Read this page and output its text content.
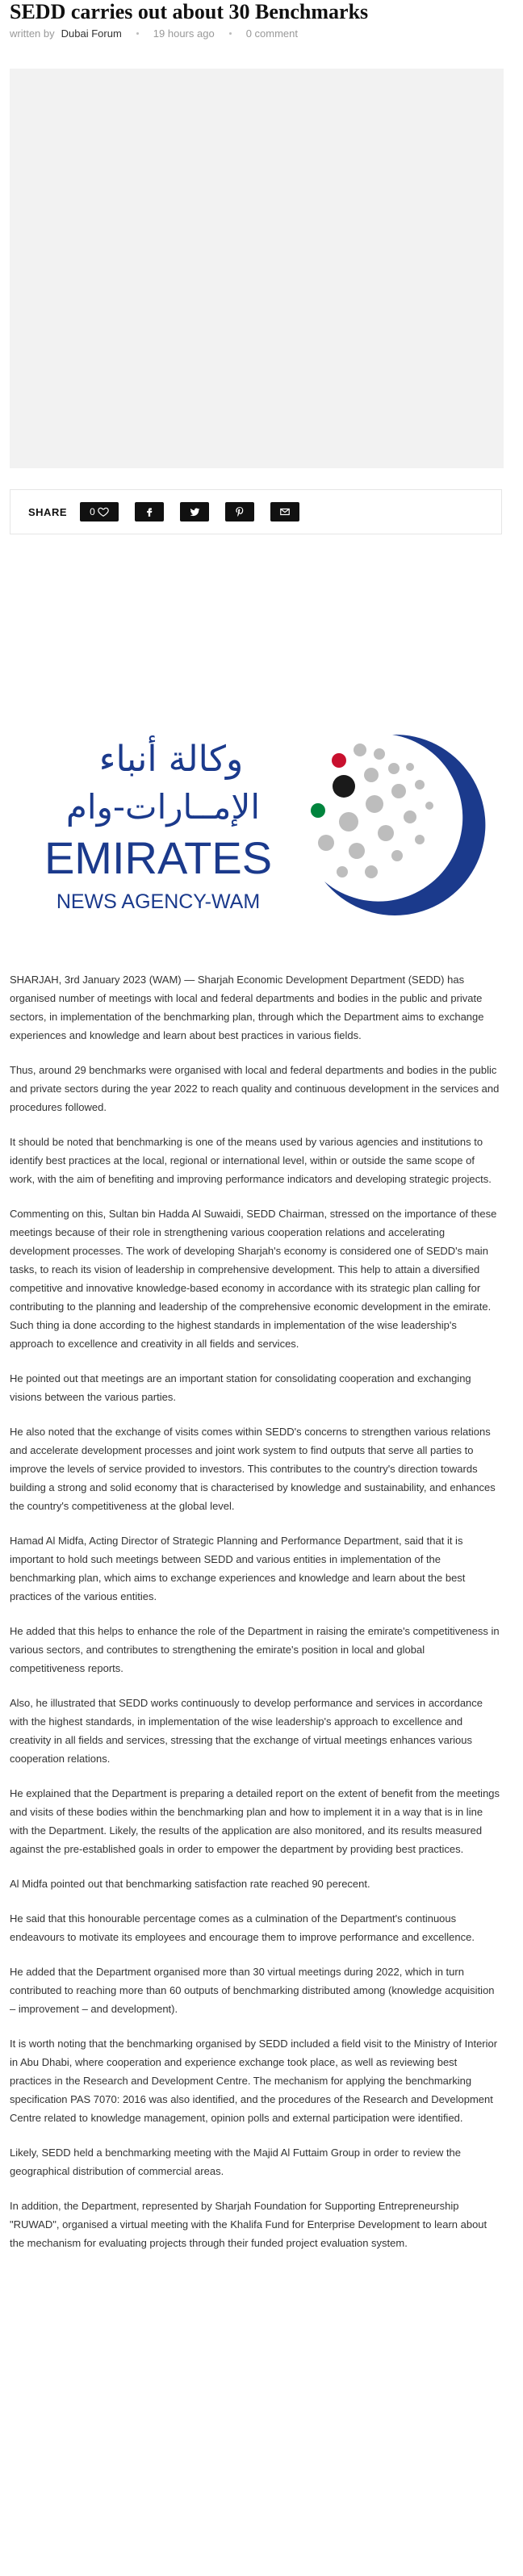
SEDD carries out about 30 Benchmarks
written by Dubai Forum	19 hours ago	0 comment
SHARE 0
وكالة أنباء
الإمــارات-وام
EMIRATES
NEWS AGENCY-WAM

SHARJAH, 3rd January 2023 (WAM) — Sharjah Economic Development Department (SEDD) has organised number of meetings with local and federal departments and bodies in the public and private sectors, in implementation of the benchmarking plan, through which the Department aims to exchange experiences and knowledge and learn about best practices in various fields.

Thus, around 29 benchmarks were organised with local and federal departments and bodies in the public and private sectors during the year 2022 to reach quality and continuous development in the services and procedures followed.

It should be noted that benchmarking is one of the means used by various agencies and institutions to identify best practices at the local, regional or international level, within or outside the same scope of work, with the aim of benefiting and improving performance indicators and developing strategic projects.

Commenting on this, Sultan bin Hadda Al Suwaidi, SEDD Chairman, stressed on the importance of these meetings because of their role in strengthening various cooperation relations and accelerating development processes. The work of developing Sharjah's economy is considered one of SEDD's main tasks, to reach its vision of leadership in comprehensive development. This help to attain a diversified competitive and innovative knowledge-based economy in accordance with its strategic plan calling for contributing to the planning and leadership of the comprehensive economic development in the emirate. Such thing ia done according to the highest standards in implementation of the wise leadership's approach to excellence and creativity in all fields and services.

He pointed out that meetings are an important station for consolidating cooperation and exchanging visions between the various parties.

He also noted that the exchange of visits comes within SEDD's concerns to strengthen various relations and accelerate development processes and joint work system to find outputs that serve all parties to improve the levels of service provided to investors. This contributes to the country's direction towards building a strong and solid economy that is characterised by knowledge and sustainability, and enhances the country's competitiveness at the global level.

Hamad Al Midfa, Acting Director of Strategic Planning and Performance Department, said that it is important to hold such meetings between SEDD and various entities in implementation of the benchmarking plan, which aims to exchange experiences and knowledge and learn about the best practices of the various entities.

He added that this helps to enhance the role of the Department in raising the emirate's competitiveness in various sectors, and contributes to strengthening the emirate's position in local and global competitiveness reports.

Also, he illustrated that SEDD works continuously to develop performance and services in accordance with the highest standards, in implementation of the wise leadership's approach to excellence and creativity in all fields and services, stressing that the exchange of virtual meetings enhances various cooperation relations.

He explained that the Department is preparing a detailed report on the extent of benefit from the meetings and visits of these bodies within the benchmarking plan and how to implement it in a way that is in line with the Department. Likely, the results of the application are also monitored, and its results measured against the pre-established goals in order to empower the department by providing best practices.

Al Midfa pointed out that benchmarking satisfaction rate reached 90 perecent.

He said that this honourable percentage comes as a culmination of the Department's continuous endeavours to motivate its employees and encourage them to improve performance and excellence.

He added that the Department organised more than 30 virtual meetings during 2022, which in turn contributed to reaching more than 60 outputs of benchmarking distributed among (knowledge acquisition – improvement – and development).

It is worth noting that the benchmarking organised by SEDD included a field visit to the Ministry of Interior in Abu Dhabi, where cooperation and experience exchange took place, as well as reviewing best practices in the Research and Development Centre. The mechanism for applying the benchmarking specification PAS 7070: 2016 was also identified, and the procedures of the Research and Development Centre related to knowledge management, opinion polls and external participation were identified.

Likely, SEDD held a benchmarking meeting with the Majid Al Futtaim Group in order to review the geographical distribution of commercial areas.

In addition, the Department, represented by Sharjah Foundation for Supporting Entrepreneurship "RUWAD", organised a virtual meeting with the Khalifa Fund for Enterprise Development to learn about the mechanism for evaluating projects through their funded project evaluation system.
